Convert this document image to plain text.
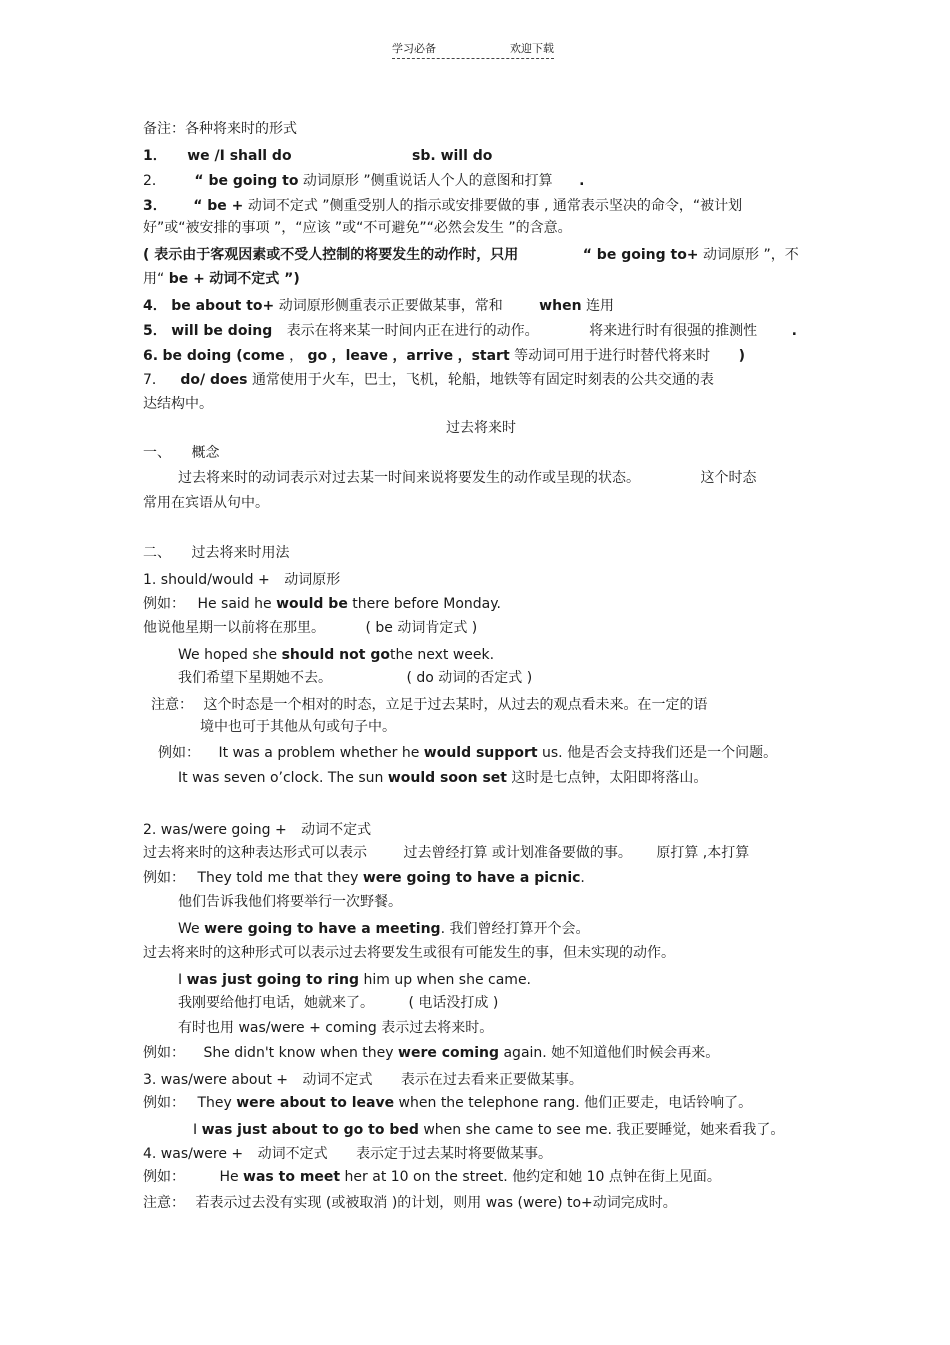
学习必备	欢迎下载
备注：各种将来时的形式
1． we /I shall do	sb. will do
2． “ be going to 动词原形 ”侧重说话人个人的意图和打算 .
3． “ be + 动词不定式 ”侧重受别人的指示或安排要做的事 , 通常表示坚决的命令，“被计划
好”或“被安排的事项 ”，“应该 ”或“不可避免”“必然会发生 ”的含意。
( 表示由于客观因素或不受人控制的将要发生的动作时，只用	“ be going to+ 动词原形 ”，不
用“ be + 动词不定式 ”)
4． be about to+ 动词原形侧重表示正要做某事，常和	when 连用
5． will be doing 表示在将来某一时间内正在进行的动作。	将来进行时有很强的推测性 .
6. be doing (come ， go ，leave ，arrive ，start 等动词可用于进行时替代将来时 )
7． do/ does 通常使用于火车，巴士，飞机，轮船，地铁等有固定时刻表的公共交通的表
达结构中。
过去将来时
一、 概念
过去将来时的动词表示对过去某一时间来说将要发生的动作或呈现的状态。	这个时态
常用在宾语从句中。
二、 过去将来时用法
1. should/would + 动词原形
例如： He said he would be there before Monday.
他说他星期一以前将在那里。	( be 动词肯定式 )
We hoped she should not gothe next week.
我们希望下星期她不去。	( do 动词的否定式 )
注意： 这个时态是一个相对的时态，立足于过去某时，从过去的观点看未来。在一定的语
境中也可于其他从句或句子中。
例如： It was a problem whether he would support us. 他是否会支持我们还是一个问题。
It was seven o’clock. The sun would soon set 这时是七点钟，太阳即将落山。
2. was/were going + 动词不定式
过去将来时的这种表达形式可以表示	过去曾经打算 或计划准备要做的事。 原打算 ,本打算
例如： They told me that they were going to have a picnic.
他们告诉我他们将要举行一次野餐。
We were going to have a meeting. 我们曾经打算开个会。
过去将来时的这种形式可以表示过去将要发生或很有可能发生的事，但未实现的动作。
I was just going to ring him up when she came.
我刚要给他打电话，她就来了。 ( 电话没打成 )
有时也用 was/were + coming 表示过去将来时。
例如： She didn't know when they were coming again. 她不知道他们时候会再来。
3. was/were about + 动词不定式 表示在过去看来正要做某事。
例如： They were about to leave when the telephone rang. 他们正要走，电话铃响了。
I was just about to go to bed when she came to see me. 我正要睡觉，她来看我了。
4. was/were + 动词不定式 表示定于过去某时将要做某事。
例如： He was to meet her at 10 on the street. 他约定和她 10 点钟在街上见面。
注意： 若表示过去没有实现 (或被取消 )的计划，则用 was (were) to+动词完成时。
